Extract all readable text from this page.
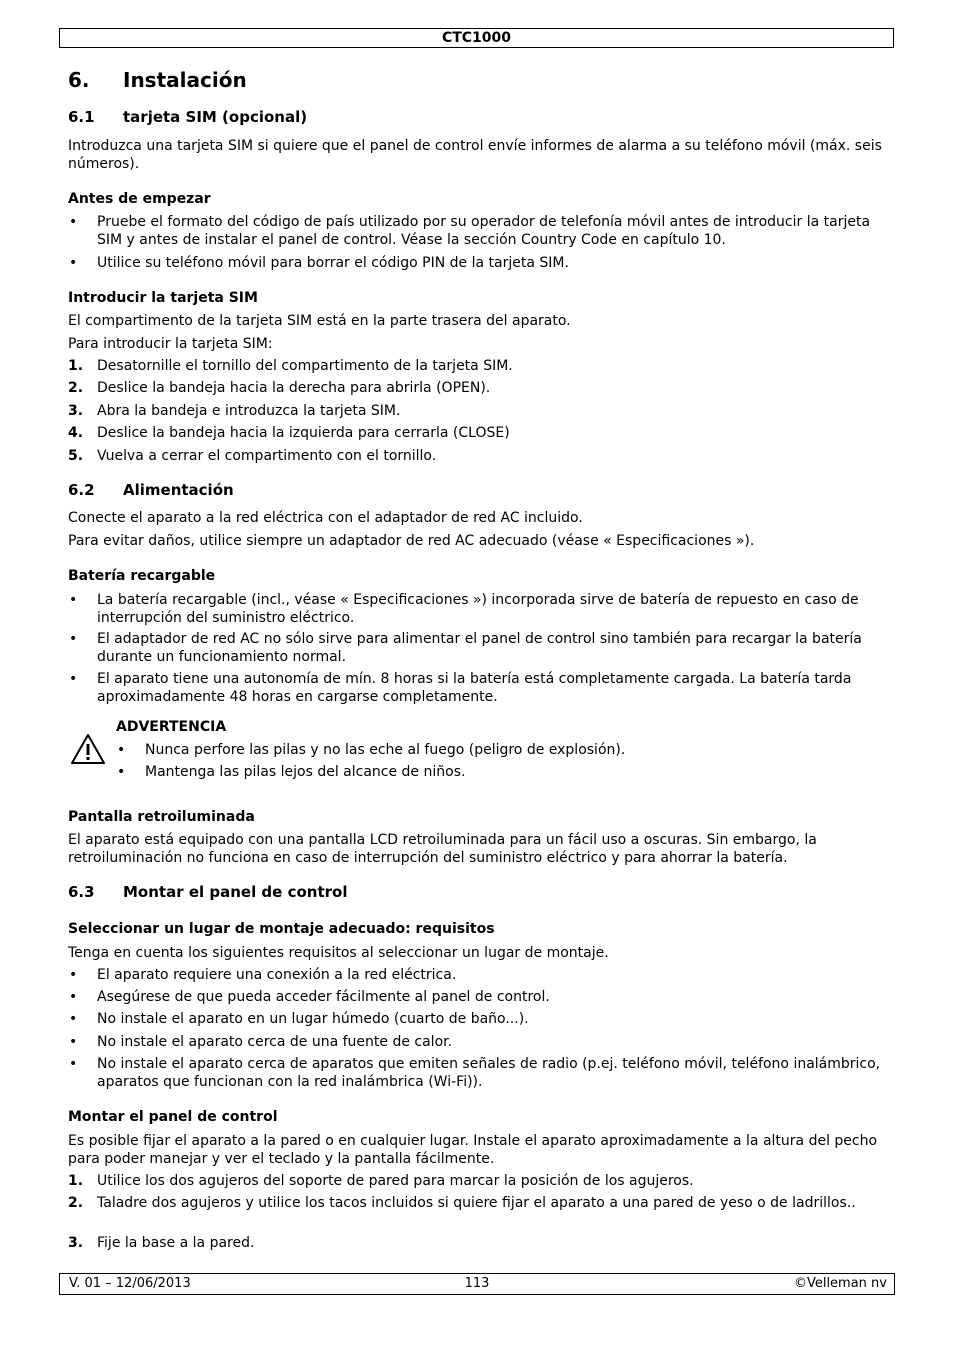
CTC1000
6. Instalación
6.1 tarjeta SIM (opcional)
Introduzca una tarjeta SIM si quiere que el panel de control envíe informes de alarma a su teléfono móvil (máx. seis números).
Antes de empezar
• Pruebe el formato del código de país utilizado por su operador de telefonía móvil antes de introducir la tarjeta SIM y antes de instalar el panel de control. Véase la sección Country Code en capítulo 10.
• Utilice su teléfono móvil para borrar el código PIN de la tarjeta SIM.
Introducir la tarjeta SIM
El compartimento de la tarjeta SIM está en la parte trasera del aparato.
Para introducir la tarjeta SIM:
1. Desatornille el tornillo del compartimento de la tarjeta SIM.
2. Deslice la bandeja hacia la derecha para abrirla (OPEN).
3. Abra la bandeja e introduzca la tarjeta SIM.
4. Deslice la bandeja hacia la izquierda para cerrarla (CLOSE)
5. Vuelva a cerrar el compartimento con el tornillo.
6.2 Alimentación
Conecte el aparato a la red eléctrica con el adaptador de red AC incluido.
Para evitar daños, utilice siempre un adaptador de red AC adecuado (véase « Especificaciones »).
Batería recargable
• La batería recargable (incl., véase « Especificaciones ») incorporada sirve de batería de repuesto en caso de interrupción del suministro eléctrico.
• El adaptador de red AC no sólo sirve para alimentar el panel de control sino también para recargar la batería durante un funcionamiento normal.
• El aparato tiene una autonomía de mín. 8 horas si la batería está completamente cargada. La batería tarda aproximadamente 48 horas en cargarse completamente.
ADVERTENCIA
• Nunca perfore las pilas y no las eche al fuego (peligro de explosión).
• Mantenga las pilas lejos del alcance de niños.
Pantalla retroiluminada
El aparato está equipado con una pantalla LCD retroiluminada para un fácil uso a oscuras. Sin embargo, la retroiluminación no funciona en caso de interrupción del suministro eléctrico y para ahorrar la batería.
6.3 Montar el panel de control
Seleccionar un lugar de montaje adecuado: requisitos
Tenga en cuenta los siguientes requisitos al seleccionar un lugar de montaje.
• El aparato requiere una conexión a la red eléctrica.
• Asegúrese de que pueda acceder fácilmente al panel de control.
• No instale el aparato en un lugar húmedo (cuarto de baño...).
• No instale el aparato cerca de una fuente de calor.
• No instale el aparato cerca de aparatos que emiten señales de radio (p.ej. teléfono móvil, teléfono inalámbrico, aparatos que funcionan con la red inalámbrica (Wi-Fi)).
Montar el panel de control
Es posible fijar el aparato a la pared o en cualquier lugar. Instale el aparato aproximadamente a la altura del pecho para poder manejar y ver el teclado y la pantalla fácilmente.
1. Utilice los dos agujeros del soporte de pared para marcar la posición de los agujeros.
2. Taladre dos agujeros y utilice los tacos incluidos si quiere fijar el aparato a una pared de yeso o de ladrillos..
3. Fije la base a la pared.
V. 01 – 12/06/2013	113	©Velleman nv
